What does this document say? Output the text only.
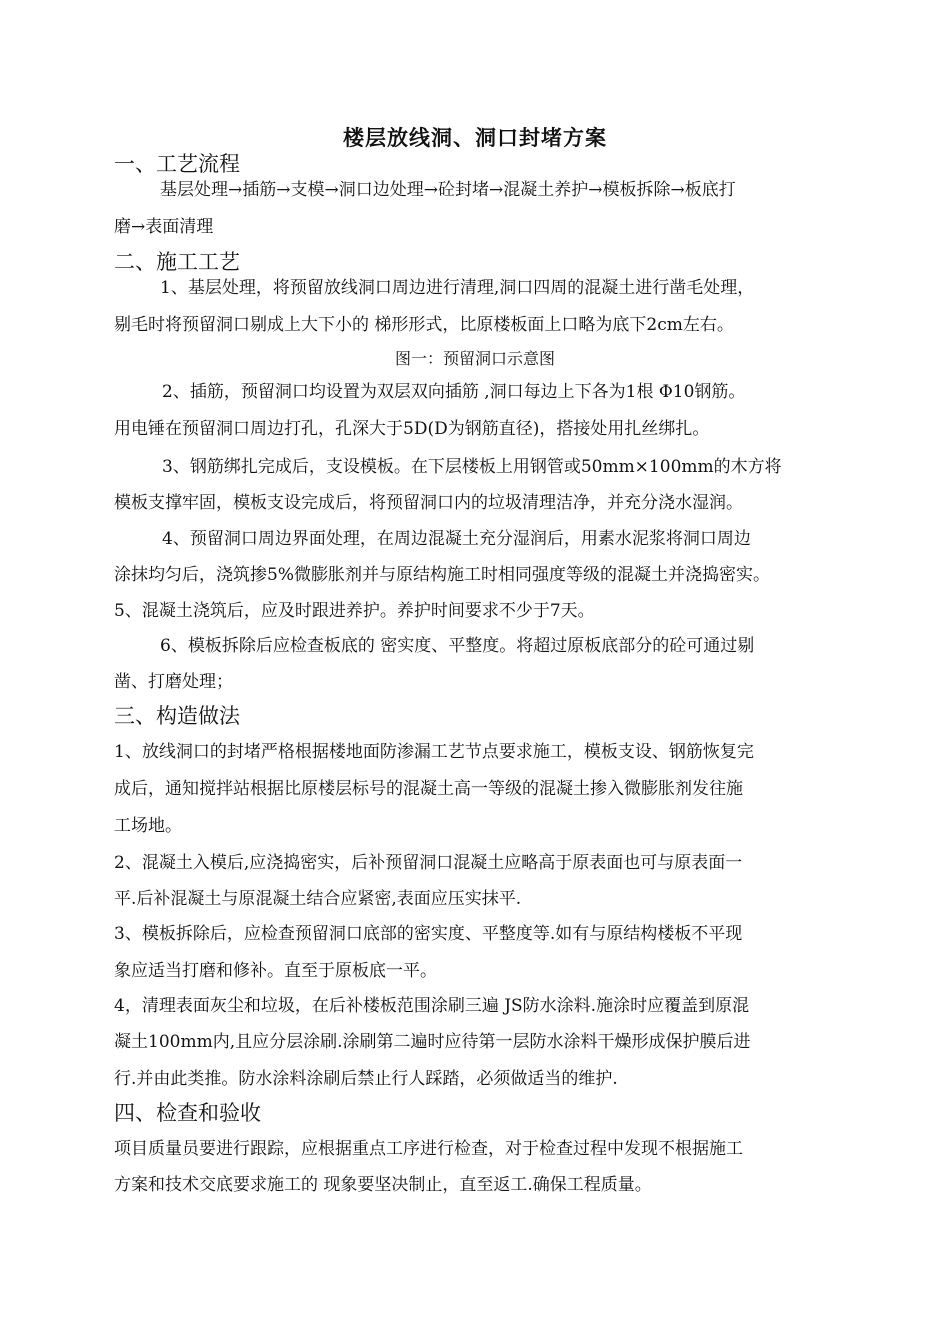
楼层放线洞、洞口封堵方案
一、工艺流程
基层处理→插筋→支模→洞口边处理→砼封堵→混凝土养护→模板拆除→板底打
磨→表面清理
二、施工工艺
1、基层处理，将预留放线洞口周边进行清理,洞口四周的混凝土进行凿毛处理，
剔毛时将预留洞口剔成上大下小的 梯形形式，比原楼板面上口略为底下2cm左右。
图一：预留洞口示意图
2、插筋，预留洞口均设置为双层双向插筋 ,洞口每边上下各为1根 Φ10钢筋。
用电锤在预留洞口周边打孔，孔深大于5D(D为钢筋直径)，搭接处用扎丝绑扎。
3、钢筋绑扎完成后，支设模板。在下层楼板上用钢管或50mm×100mm的木方将
模板支撑牢固，模板支设完成后，将预留洞口内的垃圾清理洁净，并充分浇水湿润。
4、预留洞口周边界面处理，在周边混凝土充分湿润后，用素水泥浆将洞口周边
涂抹均匀后，浇筑掺5%微膨胀剂并与原结构施工时相同强度等级的混凝土并浇捣密实。
5、混凝土浇筑后，应及时跟进养护。养护时间要求不少于7天。
6、模板拆除后应检查板底的 密实度、平整度。将超过原板底部分的砼可通过剔
凿、打磨处理；
三、构造做法
1、放线洞口的封堵严格根据楼地面防渗漏工艺节点要求施工，模板支设、钢筋恢复完
成后，通知搅拌站根据比原楼层标号的混凝土高一等级的混凝土掺入微膨胀剂发往施
工场地。
2、混凝土入模后,应浇捣密实，后补预留洞口混凝土应略高于原表面也可与原表面一
平.后补混凝土与原混凝土结合应紧密,表面应压实抹平.
3、模板拆除后，应检查预留洞口底部的密实度、平整度等.如有与原结构楼板不平现
象应适当打磨和修补。直至于原板底一平。
4，清理表面灰尘和垃圾，在后补楼板范围涂刷三遍 JS防水涂料.施涂时应覆盖到原混
凝土100mm内,且应分层涂刷.涂刷第二遍时应待第一层防水涂料干燥形成保护膜后进
行.并由此类推。防水涂料涂刷后禁止行人踩踏，必须做适当的维护.
四、检查和验收
项目质量员要进行跟踪，应根据重点工序进行检查，对于检查过程中发现不根据施工
方案和技术交底要求施工的 现象要坚决制止，直至返工.确保工程质量。
